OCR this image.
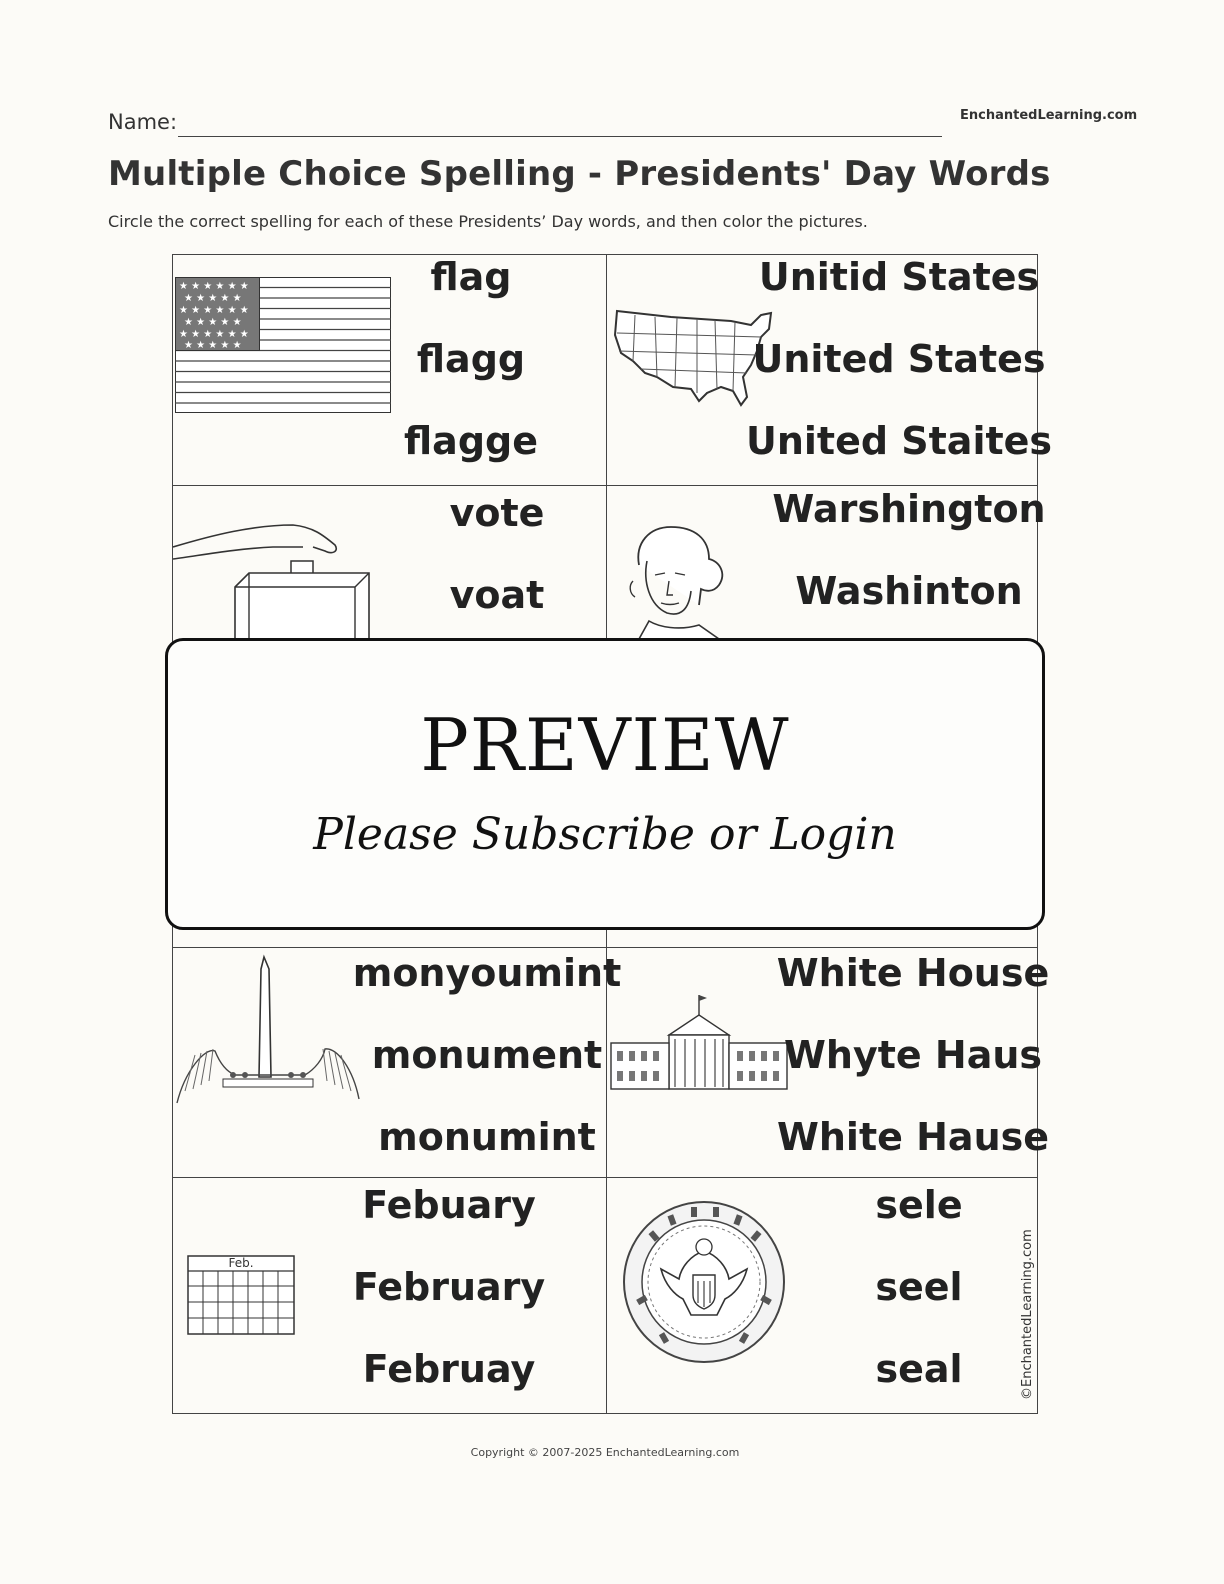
Name:	EnchantedLearning.com
Multiple Choice Spelling - Presidents' Day Words
Circle the correct spelling for each of these Presidents’ Day words, and then color the pictures.
★ ★ ★ ★ ★ ★
★ ★ ★ ★ ★
★ ★ ★ ★ ★ ★
★ ★ ★ ★ ★
★ ★ ★ ★ ★ ★
★ ★ ★ ★ ★
flag
flagg
flagge
Unitid States
United States
United Staites
vote
voat
Warshington
Washinton
monyoumint
monument
monumint
White House
Whyte Haus
White Hause
Feb.
Febuary
February
Februay
sele
seel
seal	©EnchantedLearning.com
PREVIEW
Please Subscribe or Login
Copyright © 2007-2025 EnchantedLearning.com
